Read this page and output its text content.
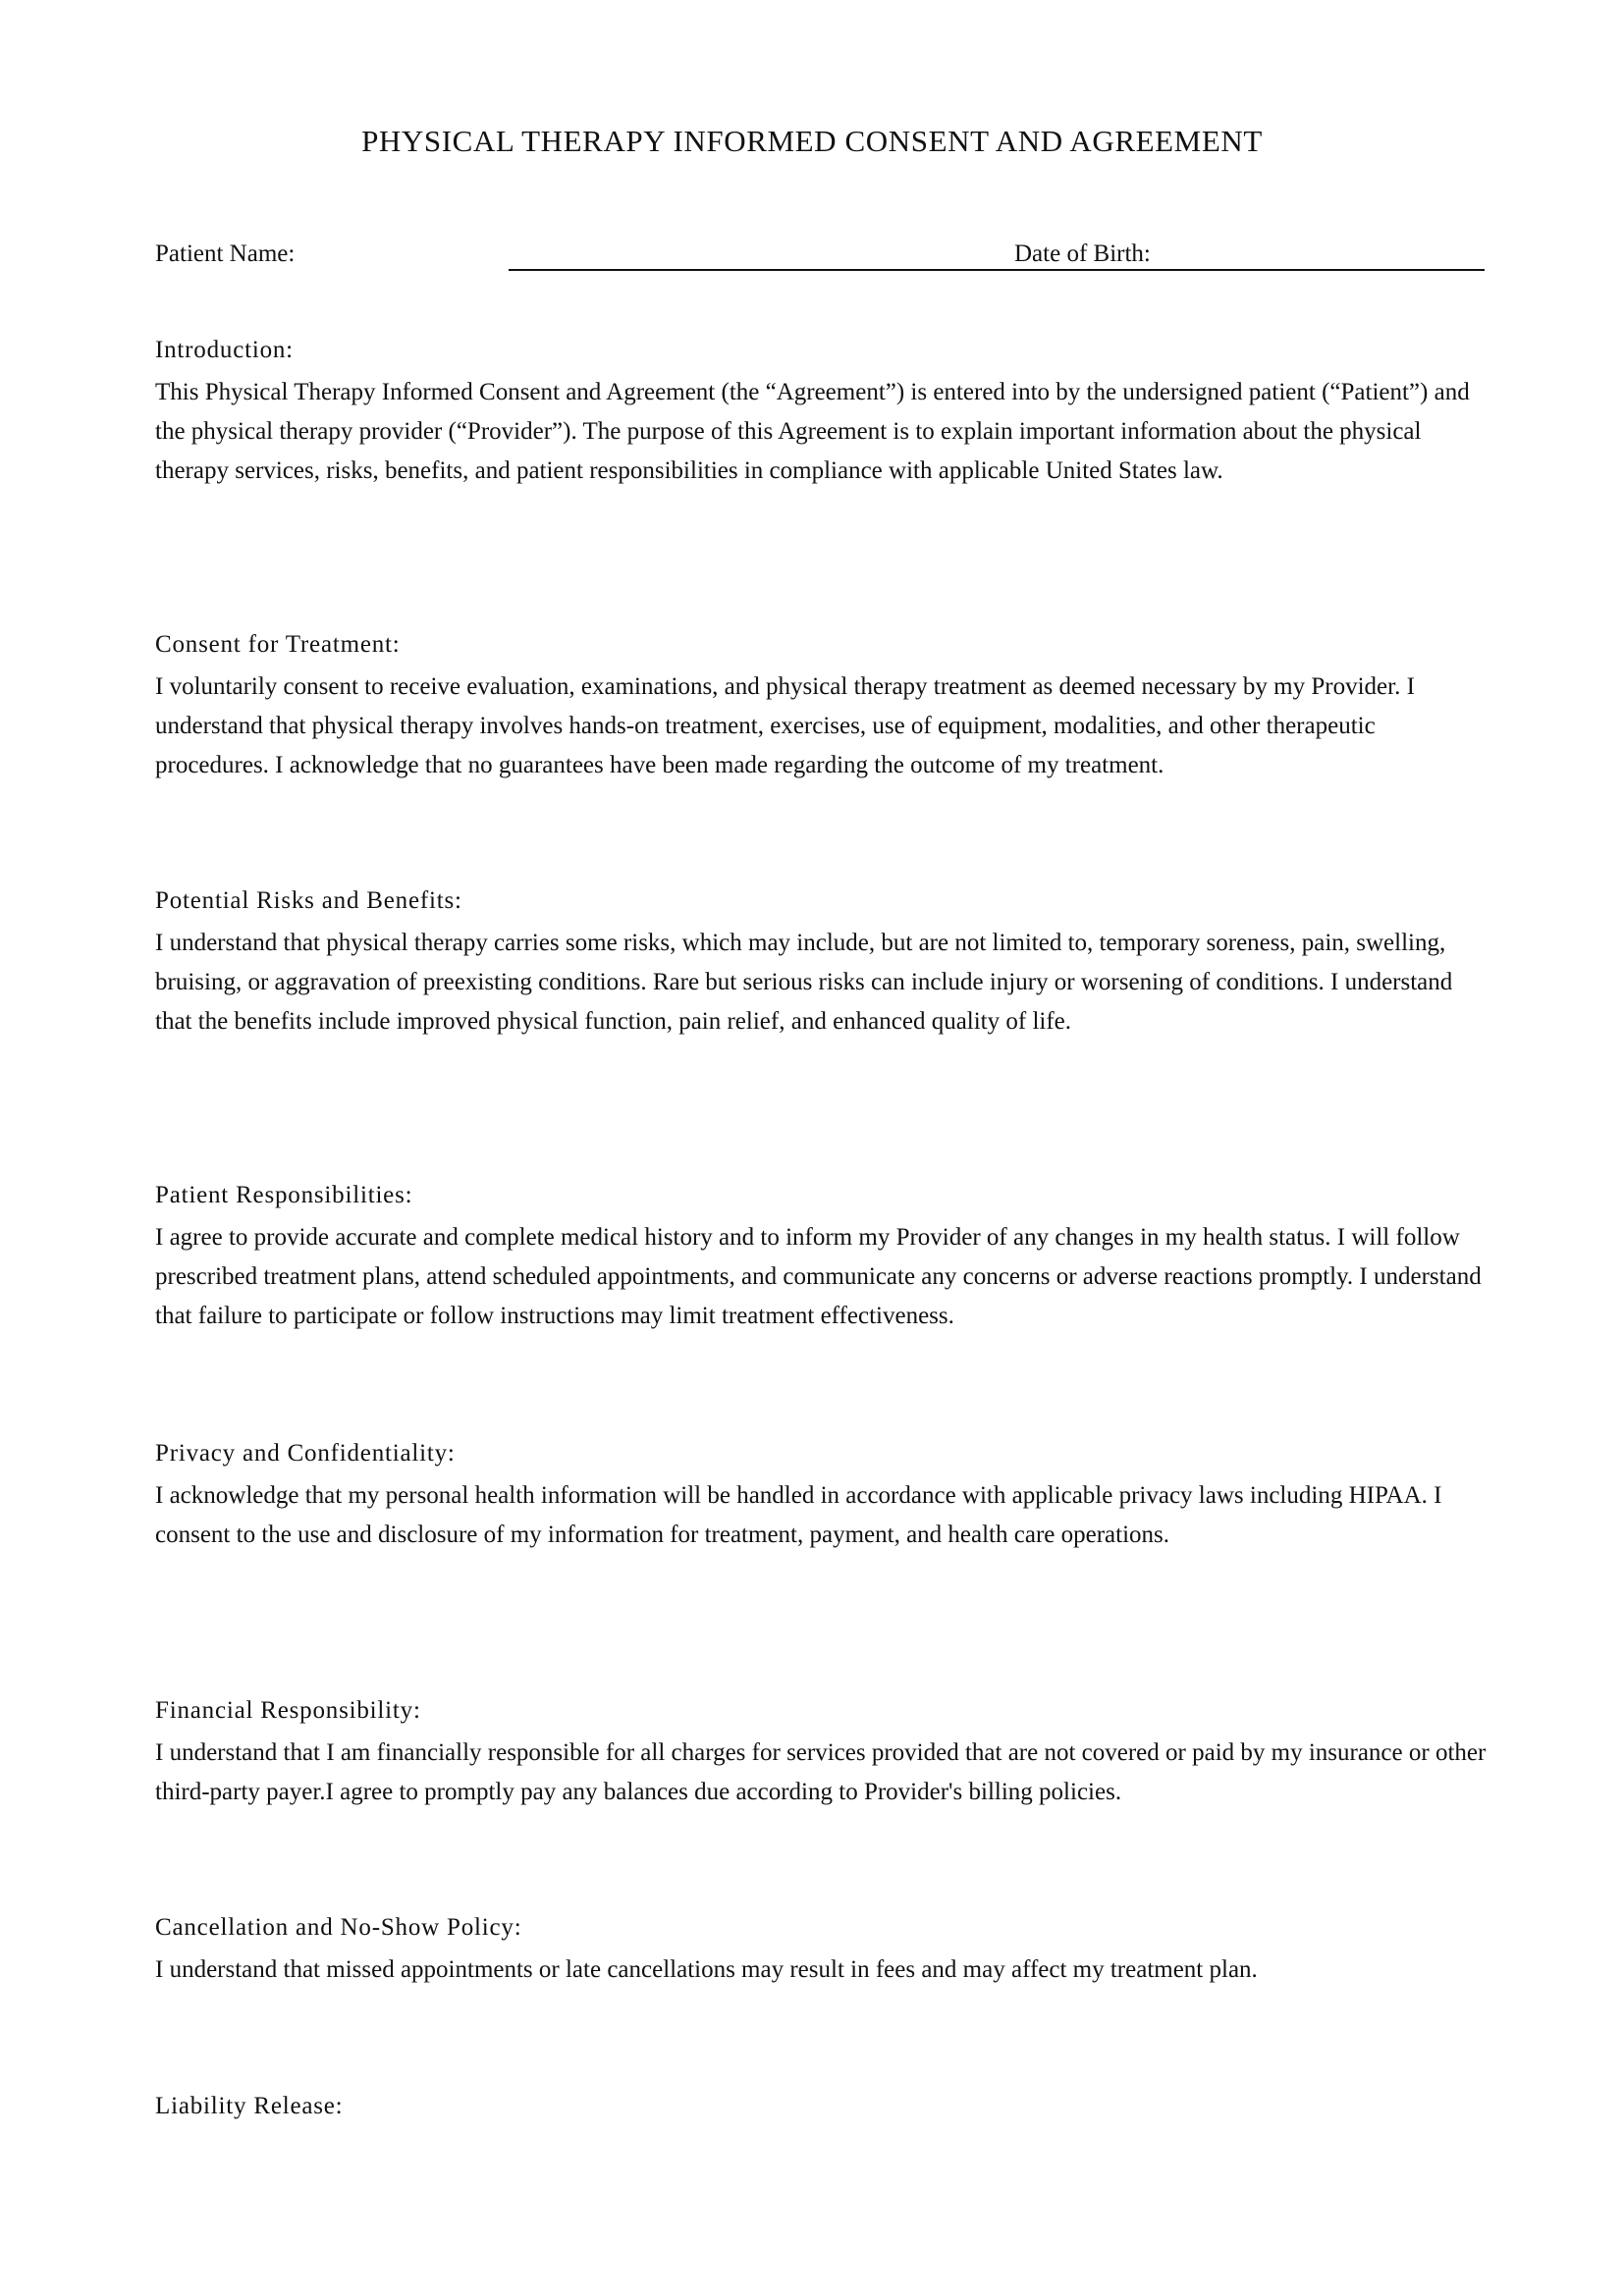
PHYSICAL THERAPY INFORMED CONSENT AND AGREEMENT
Patient Name:	Date of Birth:
Introduction:

This Physical Therapy Informed Consent and Agreement (the “Agreement”) is entered into by the undersigned patient (“Patient”) and the physical therapy provider (“Provider”). The purpose of this Agreement is to explain important information about the physical therapy services, risks, benefits, and patient responsibilities in compliance with applicable United States law.

Consent for Treatment:

I voluntarily consent to receive evaluation, examinations, and physical therapy treatment as deemed necessary by my Provider. I understand that physical therapy involves hands-on treatment, exercises, use of equipment, modalities, and other therapeutic procedures. I acknowledge that no guarantees have been made regarding the outcome of my treatment.

Potential Risks and Benefits:

I understand that physical therapy carries some risks, which may include, but are not limited to, temporary soreness, pain, swelling, bruising, or aggravation of preexisting conditions. Rare but serious risks can include injury or worsening of conditions. I understand that the benefits include improved physical function, pain relief, and enhanced quality of life.

Patient Responsibilities:

I agree to provide accurate and complete medical history and to inform my Provider of any changes in my health status. I will follow prescribed treatment plans, attend scheduled appointments, and communicate any concerns or adverse reactions promptly. I understand that failure to participate or follow instructions may limit treatment effectiveness.

Privacy and Confidentiality:

I acknowledge that my personal health information will be handled in accordance with applicable privacy laws including HIPAA. I consent to the use and disclosure of my information for treatment, payment, and health care operations.

Financial Responsibility:

I understand that I am financially responsible for all charges for services provided that are not covered or paid by my insurance or other third-party payer.I agree to promptly pay any balances due according to Provider's billing policies.

Cancellation and No-Show Policy:

I understand that missed appointments or late cancellations may result in fees and may affect my treatment plan.

Liability Release:
